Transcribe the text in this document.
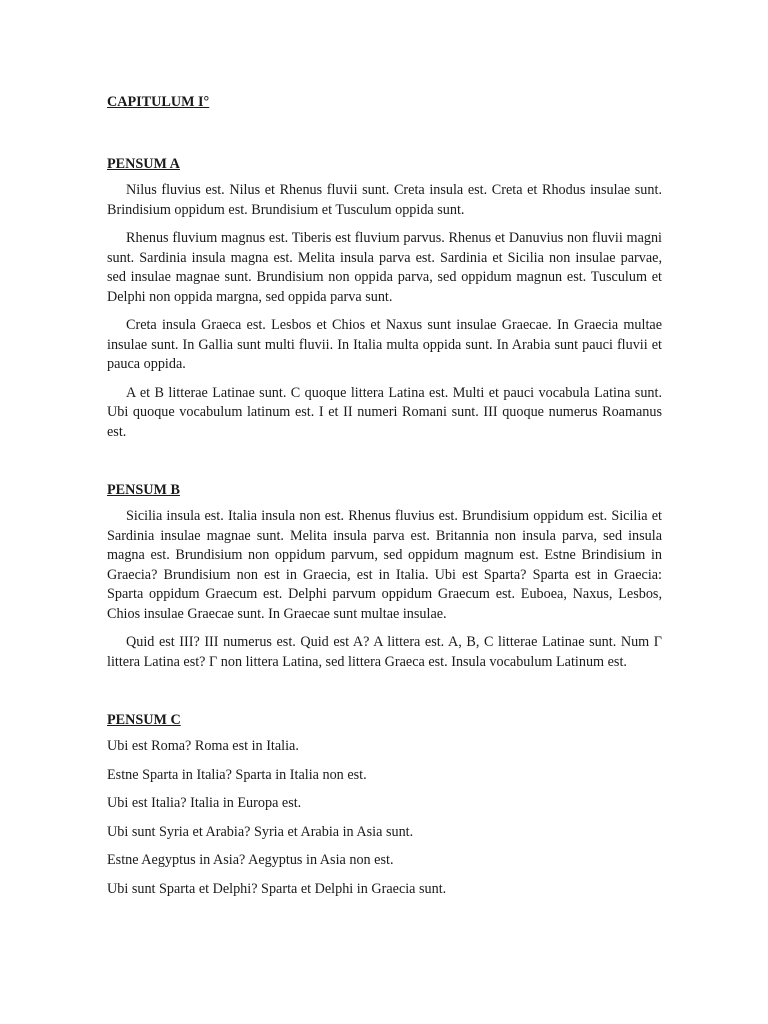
CAPITULUM I°

PENSUM A

Nilus fluvius est. Nilus et Rhenus fluvii sunt. Creta insula est. Creta et Rhodus insulae sunt. Brindisium oppidum est. Brundisium et Tusculum oppida sunt.

Rhenus fluvium magnus est. Tiberis est fluvium parvus. Rhenus et Danuvius non fluvii magni sunt. Sardinia insula magna est. Melita insula parva est. Sardinia et Sicilia non insulae parvae, sed insulae magnae sunt. Brundisium non oppida parva, sed oppidum magnun est. Tusculum et Delphi non oppida margna, sed oppida parva sunt.

Creta insula Graeca est. Lesbos et Chios et Naxus sunt insulae Graecae. In Graecia multae insulae sunt. In Gallia sunt multi fluvii. In Italia multa oppida sunt. In Arabia sunt pauci fluvii et pauca oppida.

A et B litterae Latinae sunt. C quoque littera Latina est. Multi et pauci vocabula Latina sunt. Ubi quoque vocabulum latinum est. I et II numeri Romani sunt. III quoque numerus Roamanus est.

PENSUM B

Sicilia insula est. Italia insula non est. Rhenus fluvius est. Brundisium oppidum est. Sicilia et Sardinia insulae magnae sunt. Melita insula parva est. Britannia non insula parva, sed insula magna est. Brundisium non oppidum parvum, sed oppidum magnum est. Estne Brindisium in Graecia? Brundisium non est in Graecia, est in Italia. Ubi est Sparta? Sparta est in Graecia: Sparta oppidum Graecum est. Delphi parvum oppidum Graecum est. Euboea, Naxus, Lesbos, Chios insulae Graecae sunt. In Graecae sunt multae insulae.

Quid est III? III numerus est. Quid est A? A littera est. A, B, C litterae Latinae sunt. Num Γ littera Latina est? Γ non littera Latina, sed littera Graeca est. Insula vocabulum Latinum est.

PENSUM C

Ubi est Roma? Roma est in Italia.

Estne Sparta in Italia? Sparta in Italia non est.

Ubi est Italia? Italia in Europa est.

Ubi sunt Syria et Arabia? Syria et Arabia in Asia sunt.

Estne Aegyptus in Asia? Aegyptus in Asia non est.

Ubi sunt Sparta et Delphi? Sparta et Delphi in Graecia sunt.
